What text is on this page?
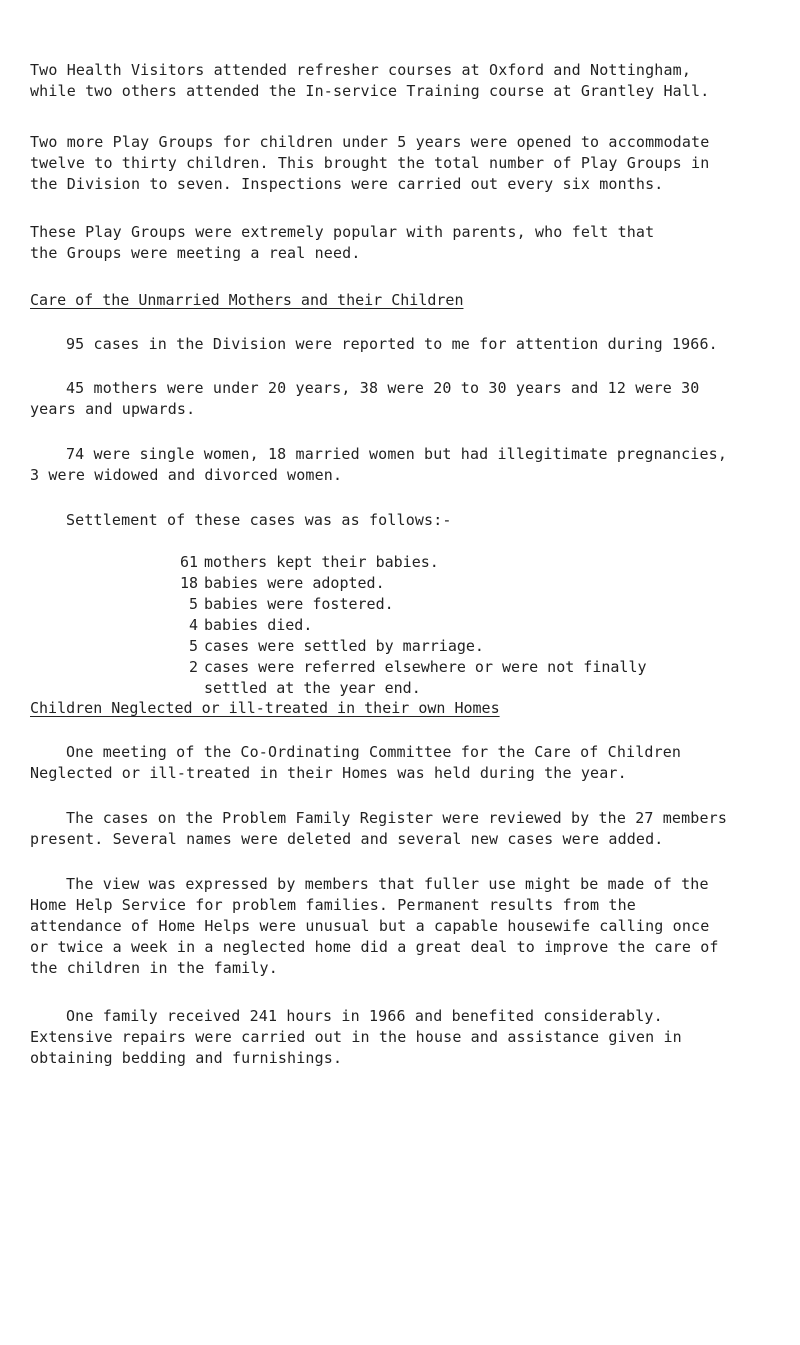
Two Health Visitors attended refresher courses at Oxford and Nottingham,
while two others attended the In-service Training course at Grantley Hall.
Two more Play Groups for children under 5 years were opened to accommodate
twelve to thirty children. This brought the total number of Play Groups in
the Division to seven. Inspections were carried out every six months.
These Play Groups were extremely popular with parents, who felt that
the Groups were meeting a real need.
Care of the Unmarried Mothers and their Children
95 cases in the Division were reported to me for attention during 1966.
45 mothers were under 20 years, 38 were 20 to 30 years and 12 were 30
years and upwards.
74 were single women, 18 married women but had illegitimate pregnancies,
3 were widowed and divorced women.
Settlement of these cases was as follows:-
61 mothers kept their babies.
18 babies were adopted.
5 babies were fostered.
4 babies died.
5 cases were settled by marriage.
2 cases were referred elsewhere or were not finally
settled at the year end.
Children Neglected or ill-treated in their own Homes
One meeting of the Co-Ordinating Committee for the Care of Children
Neglected or ill-treated in their Homes was held during the year.
The cases on the Problem Family Register were reviewed by the 27 members
present. Several names were deleted and several new cases were added.
The view was expressed by members that fuller use might be made of the
Home Help Service for problem families. Permanent results from the
attendance of Home Helps were unusual but a capable housewife calling once
or twice a week in a neglected home did a great deal to improve the care of
the children in the family.
One family received 241 hours in 1966 and benefited considerably.
Extensive repairs were carried out in the house and assistance given in
obtaining bedding and furnishings.
